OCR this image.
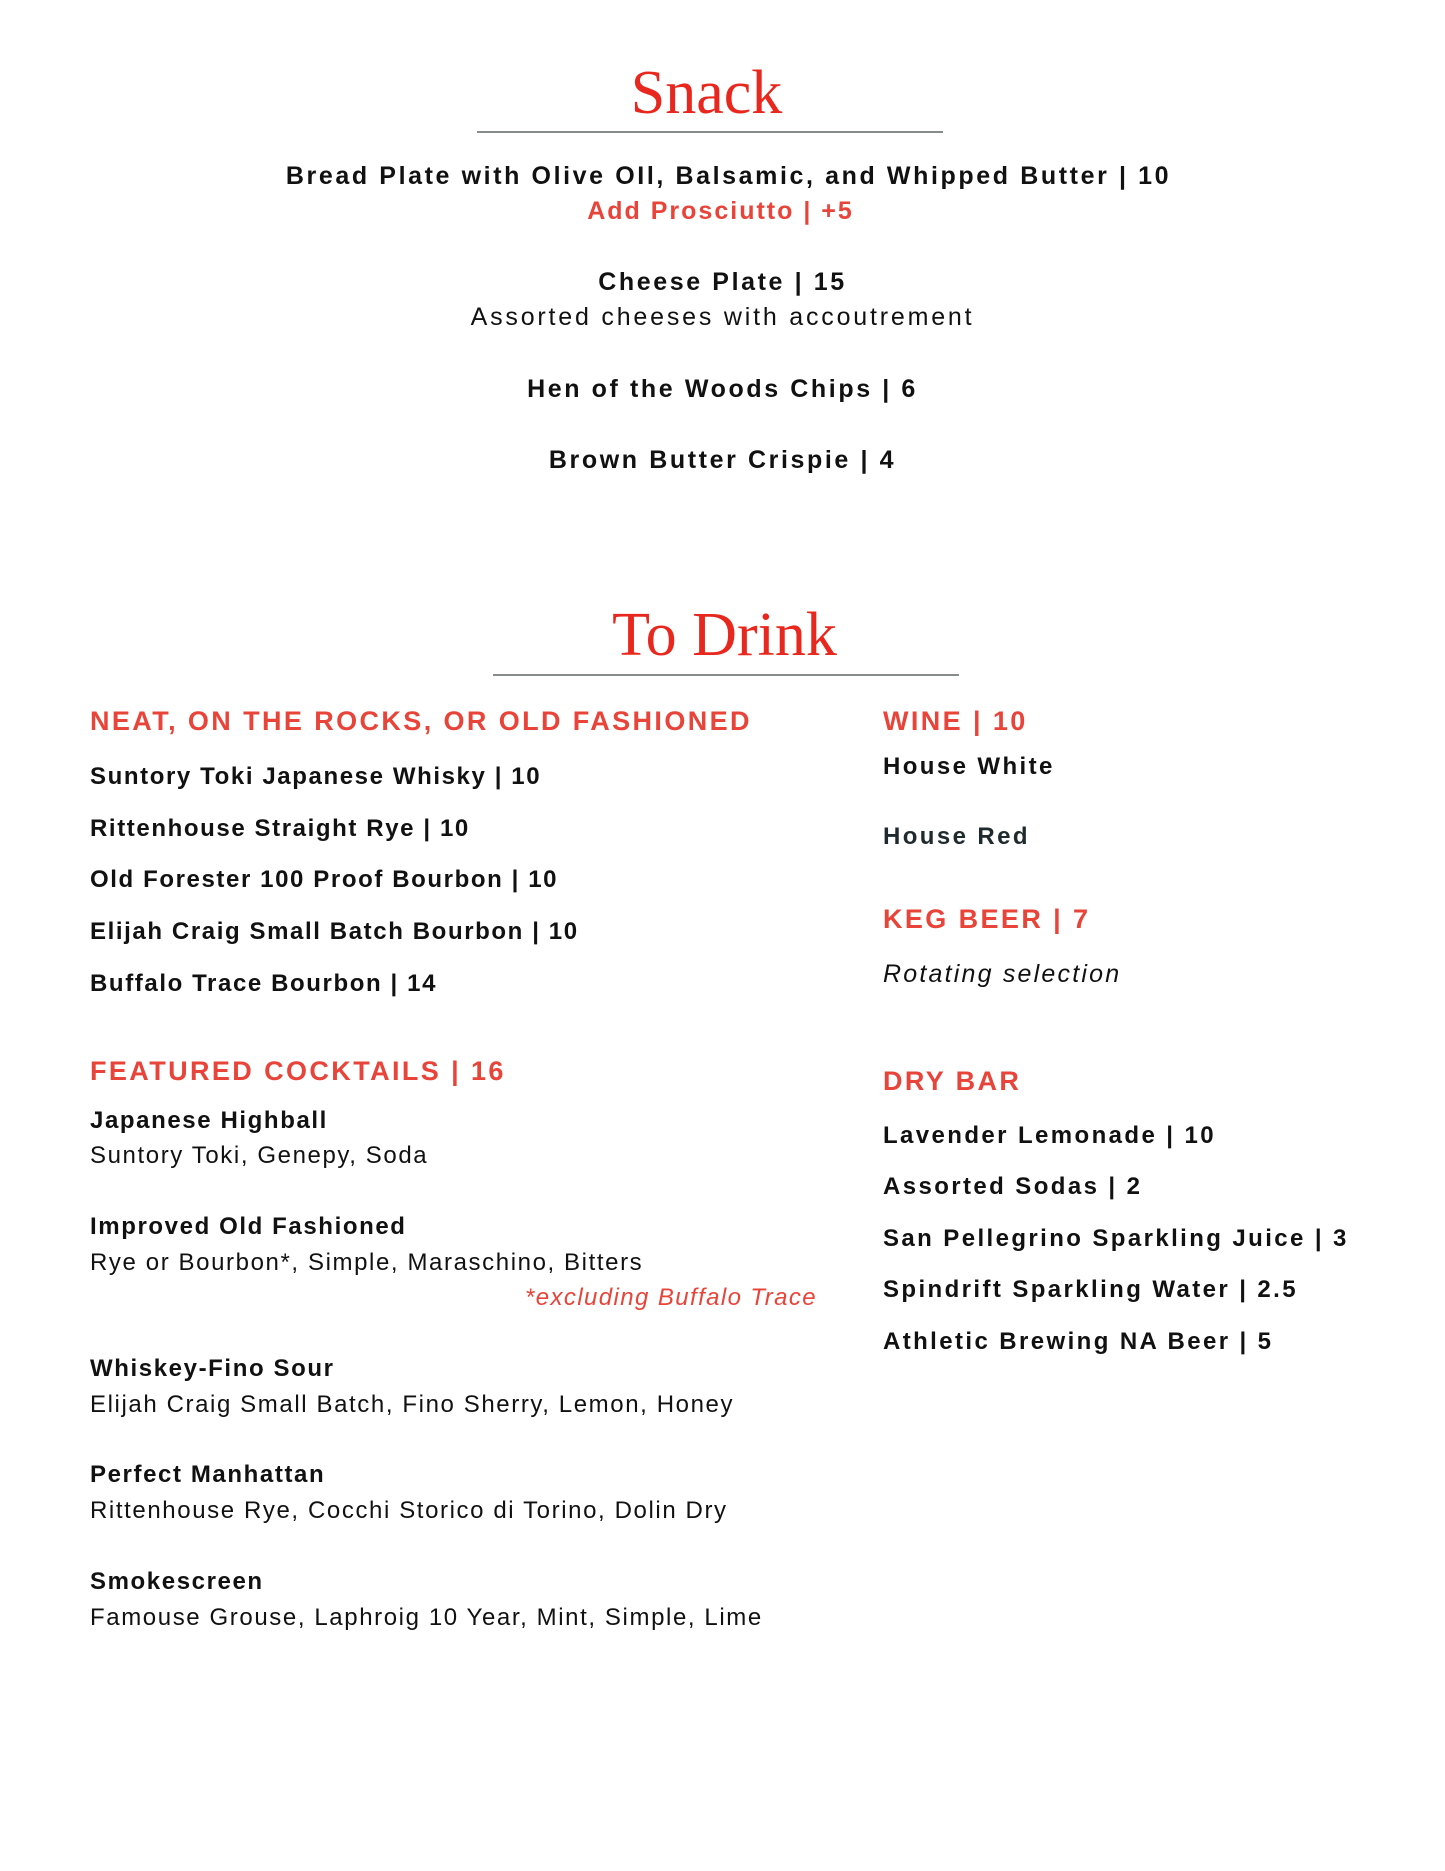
Snack
Bread Plate with Olive OIl, Balsamic, and Whipped Butter | 10
Add Prosciutto | +5
Cheese Plate | 15
Assorted cheeses with accoutrement
Hen of the Woods Chips | 6
Brown Butter Crispie | 4
To Drink
NEAT, ON THE ROCKS, OR OLD FASHIONED
Suntory Toki Japanese Whisky | 10
Rittenhouse Straight Rye | 10
Old Forester 100 Proof Bourbon | 10
Elijah Craig Small Batch Bourbon | 10
Buffalo Trace Bourbon | 14
FEATURED COCKTAILS | 16
Japanese Highball
Suntory Toki, Genepy, Soda
Improved Old Fashioned
Rye or Bourbon*, Simple, Maraschino, Bitters
*excluding Buffalo Trace
Whiskey-Fino Sour
Elijah Craig Small Batch, Fino Sherry, Lemon, Honey
Perfect Manhattan
Rittenhouse Rye, Cocchi Storico di Torino, Dolin Dry
Smokescreen
Famouse Grouse, Laphroig 10 Year, Mint, Simple, Lime
WINE | 10
House White
House Red
KEG BEER | 7
Rotating selection
DRY BAR
Lavender Lemonade | 10
Assorted Sodas | 2
San Pellegrino Sparkling Juice | 3
Spindrift Sparkling Water | 2.5
Athletic Brewing NA Beer | 5
